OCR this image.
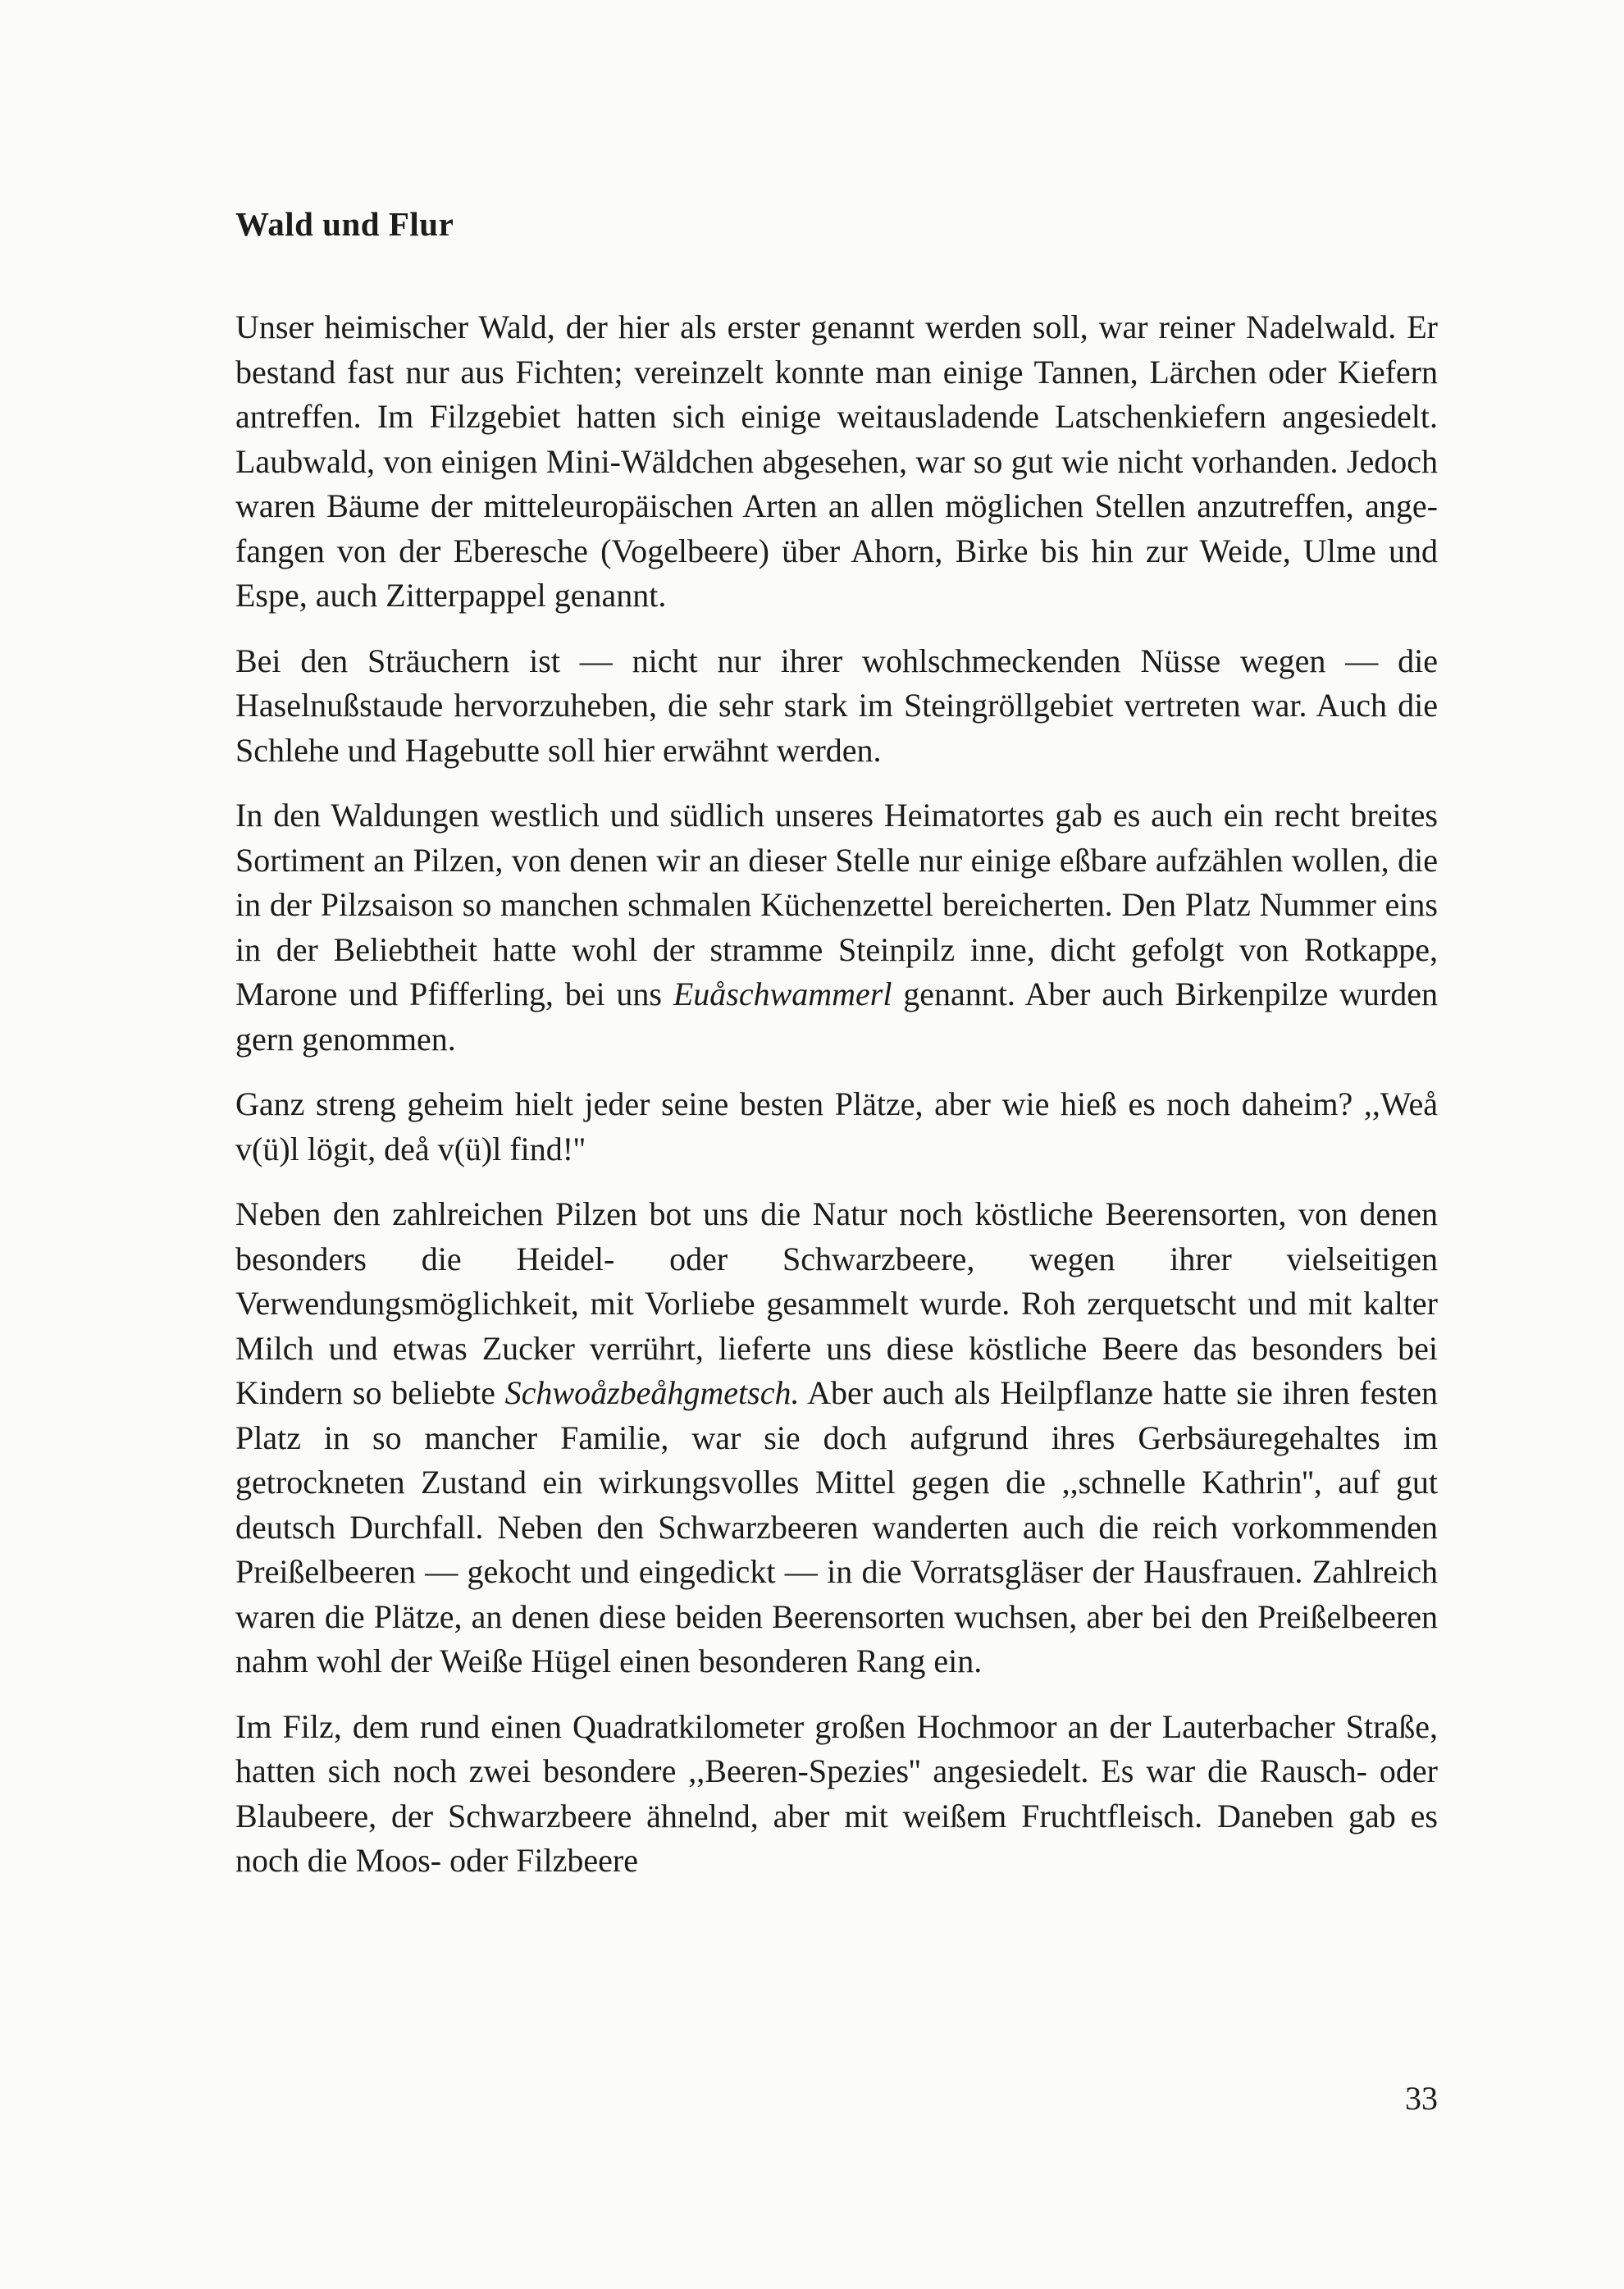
Wald und Flur

Unser heimischer Wald, der hier als erster genannt werden soll, war reiner Nadelwald. Er bestand fast nur aus Fichten; vereinzelt konnte man einige Tannen, Lärchen oder Kiefern antreffen. Im Filzgebiet hatten sich einige weitausladende Latschenkiefern angesiedelt. Laubwald, von einigen Mini-Wäldchen abgesehen, war so gut wie nicht vorhanden. Jedoch waren Bäume der mitteleuropäischen Arten an allen möglichen Stellen anzutreffen, angefangen von der Eberesche (Vogelbeere) über Ahorn, Birke bis hin zur Weide, Ulme und Espe, auch Zitterpappel genannt.

Bei den Sträuchern ist — nicht nur ihrer wohlschmeckenden Nüsse wegen — die Haselnußstaude hervorzuheben, die sehr stark im Steingröllgebiet vertreten war. Auch die Schlehe und Hagebutte soll hier erwähnt werden.

In den Waldungen westlich und südlich unseres Heimatortes gab es auch ein recht breites Sortiment an Pilzen, von denen wir an dieser Stelle nur einige eßbare aufzählen wollen, die in der Pilzsaison so manchen schmalen Küchenzettel bereicherten. Den Platz Nummer eins in der Beliebtheit hatte wohl der stramme Steinpilz inne, dicht gefolgt von Rotkappe, Marone und Pfifferling, bei uns Euåschwammerl genannt. Aber auch Birkenpilze wurden gern genommen.

Ganz streng geheim hielt jeder seine besten Plätze, aber wie hieß es noch daheim? ,,Weå v(ü)l lögit, deå v(ü)l find!''

Neben den zahlreichen Pilzen bot uns die Natur noch köstliche Beerensorten, von denen besonders die Heidel- oder Schwarzbeere, wegen ihrer vielseitigen Verwendungsmöglichkeit, mit Vorliebe gesammelt wurde. Roh zerquetscht und mit kalter Milch und etwas Zucker verrührt, lieferte uns diese köstliche Beere das besonders bei Kindern so beliebte Schwoåzbeåhgmetsch. Aber auch als Heilpflanze hatte sie ihren festen Platz in so mancher Familie, war sie doch aufgrund ihres Gerbsäuregehaltes im getrockneten Zustand ein wirkungsvolles Mittel gegen die ,,schnelle Kathrin'', auf gut deutsch Durchfall. Neben den Schwarzbeeren wanderten auch die reich vorkommenden Preißelbeeren — gekocht und eingedickt — in die Vorratsgläser der Hausfrauen. Zahlreich waren die Plätze, an denen diese beiden Beerensorten wuchsen, aber bei den Preißelbeeren nahm wohl der Weiße Hügel einen besonderen Rang ein.

Im Filz, dem rund einen Quadratkilometer großen Hochmoor an der Lauterbacher Straße, hatten sich noch zwei besondere ,,Beeren-Spezies'' angesiedelt. Es war die Rausch- oder Blaubeere, der Schwarzbeere ähnelnd, aber mit weißem Fruchtfleisch. Daneben gab es noch die Moos- oder Filzbeere

33
